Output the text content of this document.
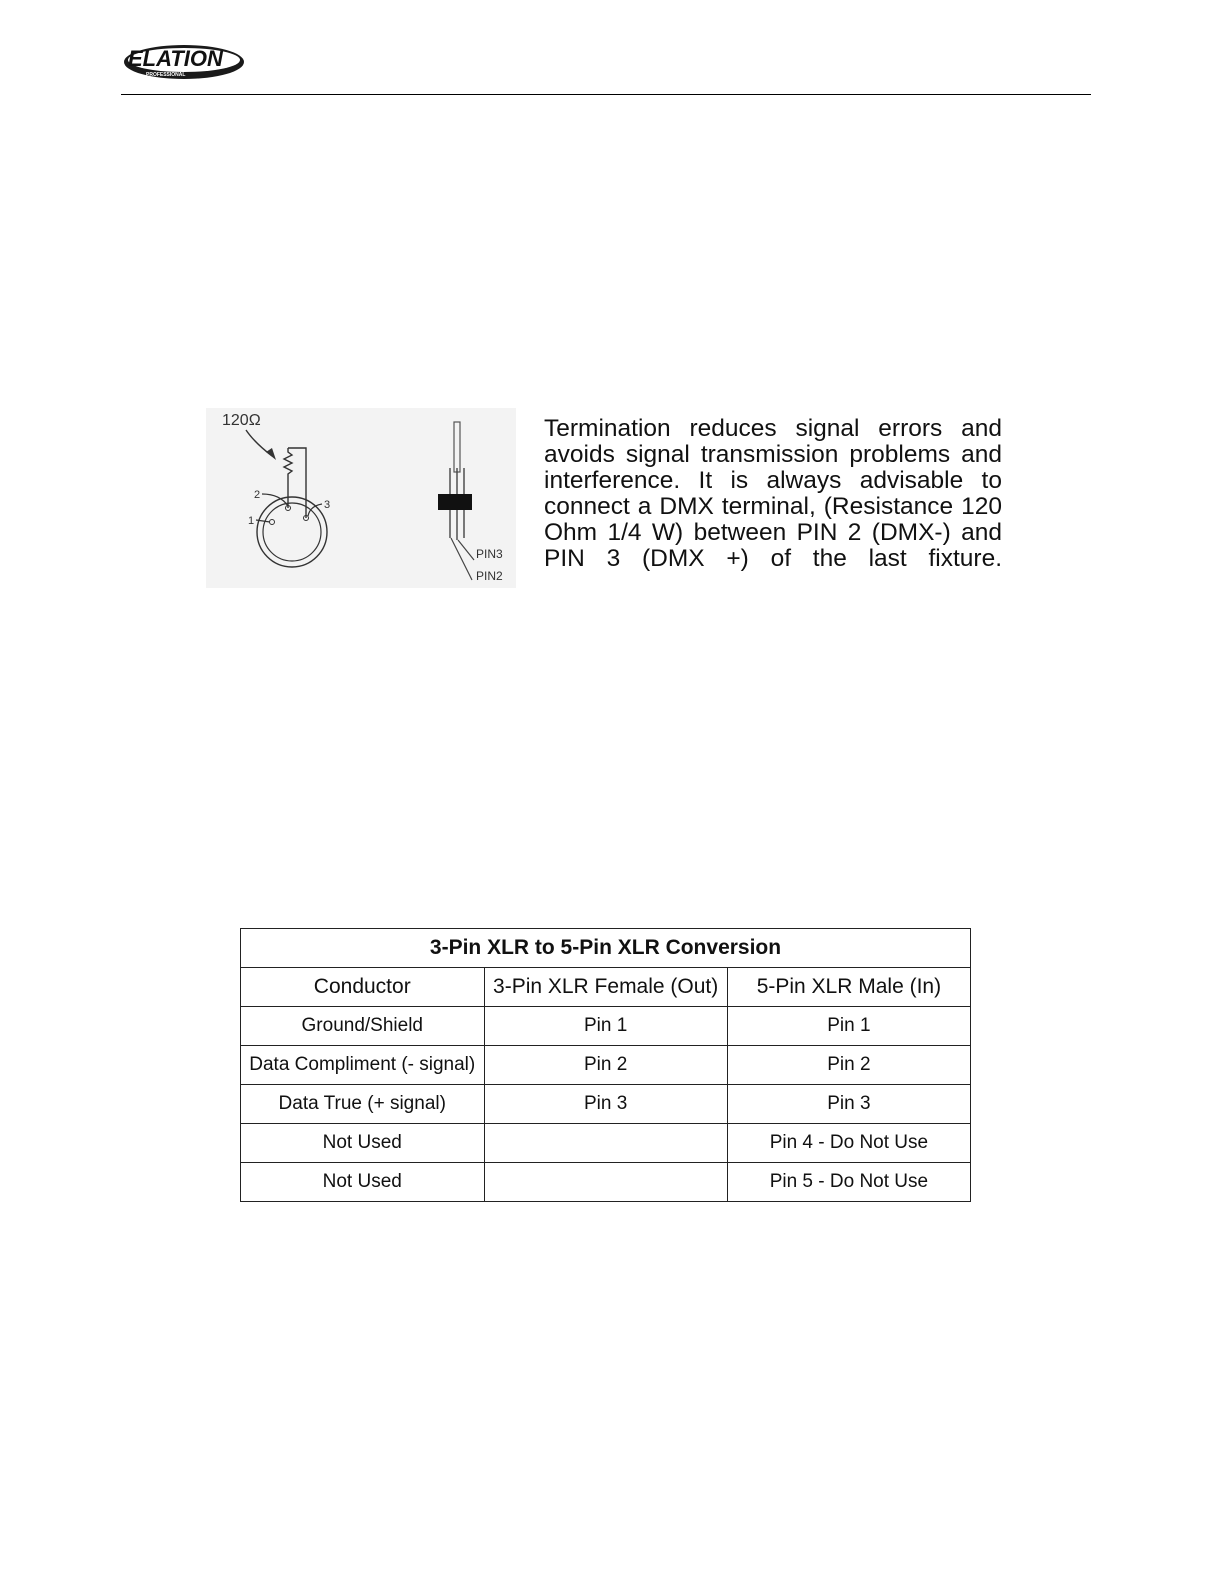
ELATION
PROFESSIONAL
120Ω
2
1
3
PIN3
PIN2
Termination reduces signal errors and avoids signal transmission problems and interference. It is always advisable to connect a DMX terminal, (Resistance 120 Ohm 1/4 W) between PIN 2 (DMX-) and PIN 3 (DMX +) of the last fixture.
3-Pin XLR to 5-Pin XLR Conversion		
Conductor	3-Pin XLR Female (Out)	5-Pin XLR Male (In)
Ground/Shield	Pin 1	Pin 1
Data Compliment (- signal)	Pin 2	Pin 2
Data True (+ signal)	Pin 3	Pin 3
Not Used		Pin 4 - Do Not Use
Not Used		Pin 5 - Do Not Use
